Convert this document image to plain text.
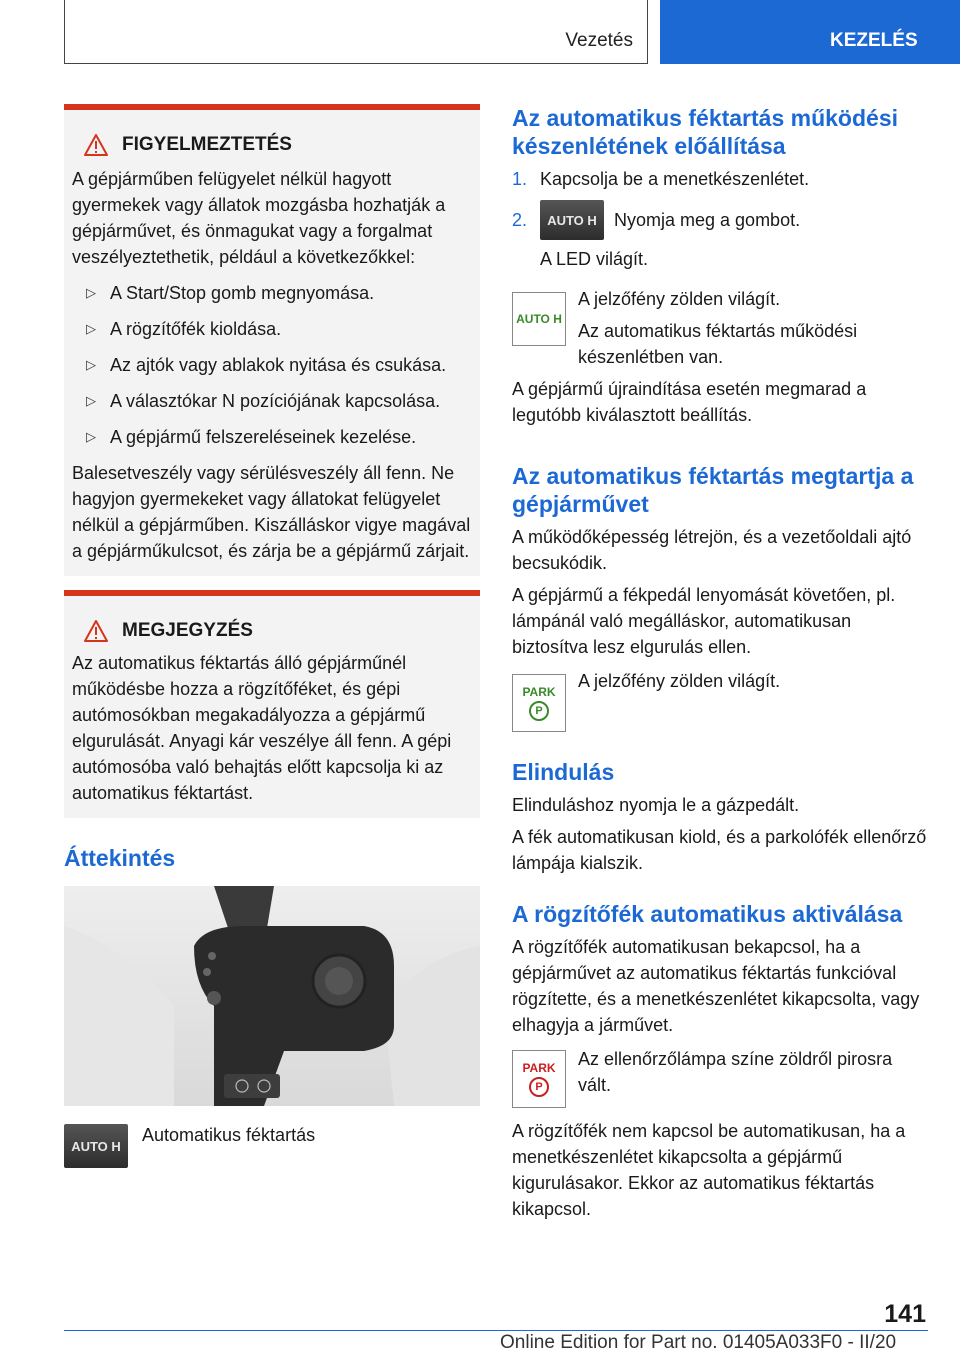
Vezetés	KEZELÉS
FIGYELMEZTETÉS

A gépjárműben felügyelet nélkül hagyott gyermekek vagy állatok mozgásba hozhatják a gépjárművet, és önmagukat vagy a forgalmat veszélyeztethetik, például a következőkkel:

▷ A Start/Stop gomb megnyomása.
▷ A rögzítőfék kioldása.
▷ Az ajtók vagy ablakok nyitása és csukása.
▷ A választókar N pozíciójának kapcsolása.
▷ A gépjármű felszereléseinek kezelése.

Balesetveszély vagy sérülésveszély áll fenn. Ne hagyjon gyermekeket vagy állatokat felügyelet nélkül a gépjárműben. Kiszálláskor vigye magával a gépjárműkulcsot, és zárja be a gépjármű zárjait.

MEGJEGYZÉS

Az automatikus féktartás álló gépjárműnél működésbe hozza a rögzítőféket, és gépi autómosókban megakadályozza a gépjármű elgurulását. Anyagi kár veszélye áll fenn. A gépi autómosóba való behajtás előtt kapcsolja ki az automatikus féktartást.

Áttekintés
AUTO H

Automatikus féktartás

Az automatikus féktartás működési készenlétének előállítása

1. Kapcsolja be a menetkészenlétet.

2.	AUTO H Nyomja meg a gombot.

A LED világít.

AUTO H

A jelzőfény zölden világít.

Az automatikus féktartás működési készenlétben van.

A gépjármű újraindítása esetén megmarad a legutóbb kiválasztott beállítás.

Az automatikus féktartás megtartja a gépjárművet

A működőképesség létrejön, és a vezetőoldali ajtó becsukódik.

A gépjármű a fékpedál lenyomását követően, pl. lámpánál való megálláskor, automatikusan biztosítva lesz elgurulás ellen.

PARK
P

A jelzőfény zölden világít.

Elindulás

Elinduláshoz nyomja le a gázpedált.

A fék automatikusan kiold, és a parkolófék ellenőrző lámpája kialszik.

A rögzítőfék automatikus aktiválása

A rögzítőfék automatikusan bekapcsol, ha a gépjárművet az automatikus féktartás funkcióval rögzítette, és a menetkészenlétet kikapcsolta, vagy elhagyja a járművet.

PARK
P

Az ellenőrzőlámpa színe zöldről pirosra vált.

A rögzítőfék nem kapcsol be automatikusan, ha a menetkészenlétet kikapcsolta a gépjármű kigurulásakor. Ekkor az automatikus féktartás kikapcsol.

141
Online Edition for Part no. 01405A033F0 - II/20
